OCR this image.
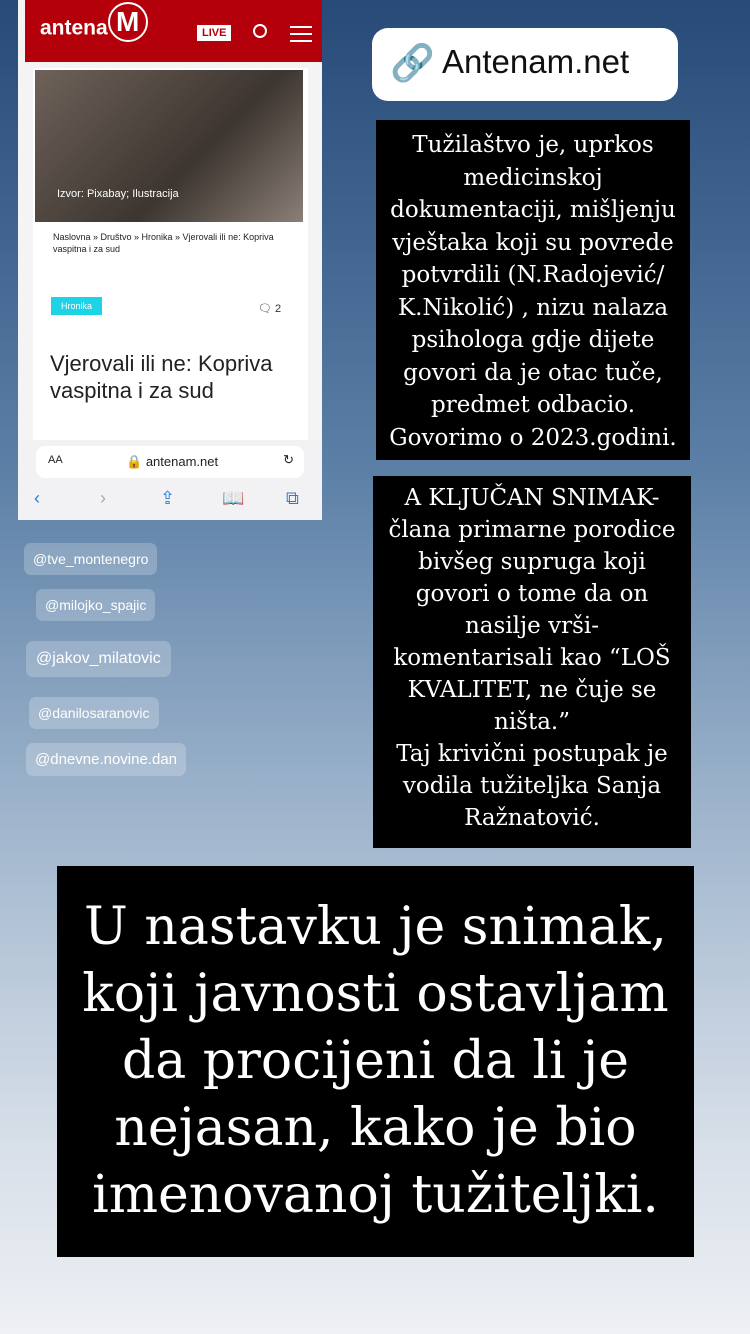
antena M	LIVE
Izvor: Pixabay; Ilustracija
Naslovna » Društvo » Hronika » Vjerovali ili ne: Kopriva vaspitna i za sud
Hronika	🗨 2
Vjerovali ili ne: Kopriva vaspitna i za sud
AA	🔒 antenam.net	↻
‹	›	⇪	📖 ⧉
🔗 Antenam.net
Tužilaštvo je, uprkos
medicinskoj
dokumentaciji, mišljenju
vještaka koji su povrede
potvrdili (N.Radojević/
K.Nikolić) , nizu nalaza
psihologa gdje dijete
govori da je otac tuče,
predmet odbacio.
Govorimo o 2023.godini.
A KLJUČAN SNIMAK-
člana primarne porodice
bivšeg supruga koji
govori o tome da on
nasilje vrši-
komentarisali kao “LOŠ
KVALITET, ne čuje se
ništa.”
Taj krivični postupak je
vodila tužiteljka Sanja
Ražnatović.
U nastavku je snimak,
koji javnosti ostavljam
da procijeni da li je
nejasan, kako je bio
imenovanoj tužiteljki.
@tve_montenegro
@milojko_spajic
@jakov_milatovic
@danilosaranovic
@dnevne.novine.dan
